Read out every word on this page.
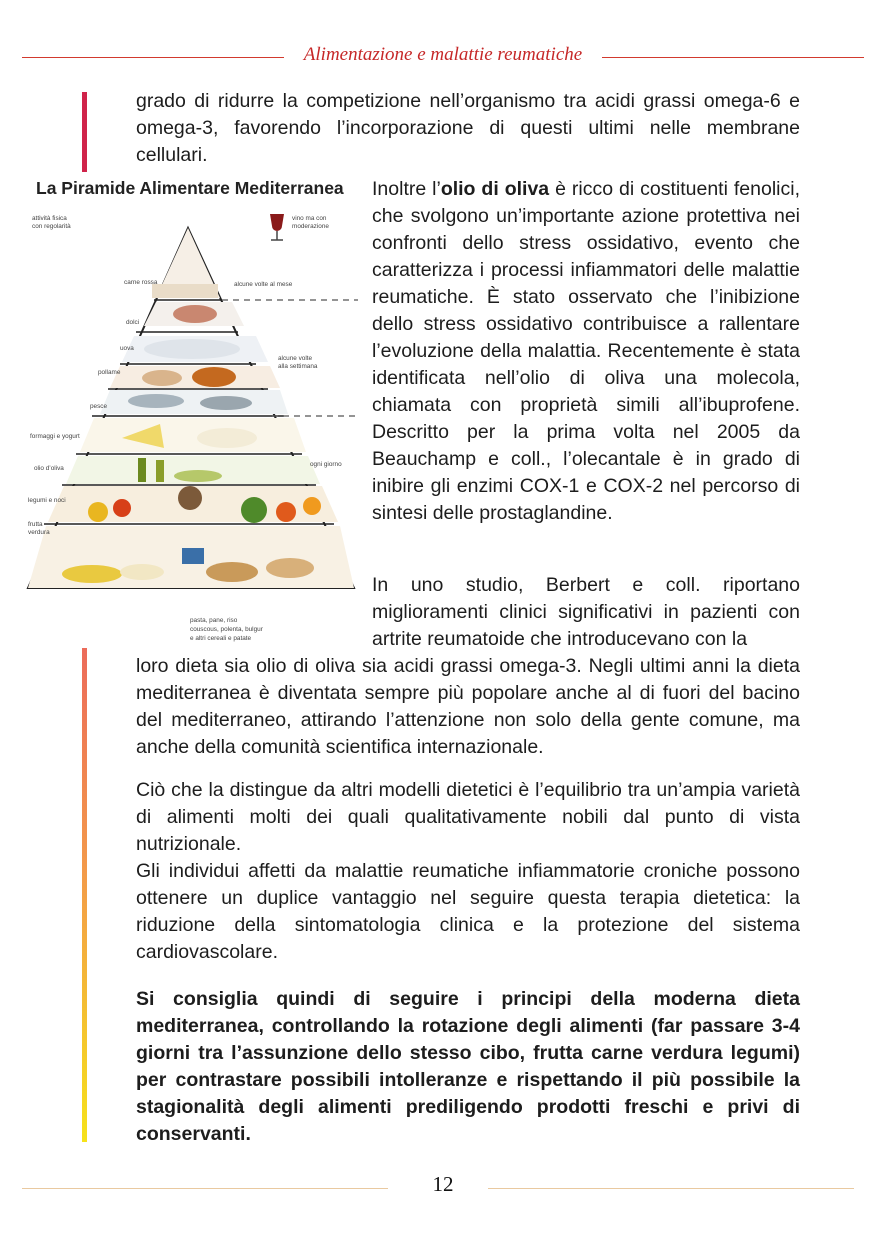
Alimentazione e malattie reumatiche

grado di ridurre la competizione nell’organismo tra acidi grassi omega-6 e omega-3, favorendo l’incorporazione di questi ultimi nelle membrane cellulari.

La Piramide Alimentare Mediterranea
attività fisica
con regolarità
vino ma con
moderazione
carne rossa	alcune volte al mese
dolci
uova
alcune volte
alla settimana
pollame
pesce
formaggi e yogurt
olio d’oliva
ogni giorno
legumi e noci
frutta
verdura
pasta, pane, riso
couscous, polenta, bulgur
e altri cereali e patate

Inoltre l’olio di oliva è ricco di costituenti fenolici, che svolgono un’importante azione protettiva nei confronti dello stress ossidativo, evento che caratterizza i processi infiammatori delle malattie reumatiche. È stato osservato che l’inibizione dello stress ossidativo contribuisce a rallentare l’evoluzione della malattia. Recentemente è stata identificata nell’olio di oliva una molecola, chiamata con proprietà simili all’ibuprofene. Descritto per la prima volta nel 2005 da Beauchamp e coll., l’olecantale è in grado di inibire gli enzimi COX-1 e COX-2 nel percorso di sintesi delle prostaglandine.

In uno studio, Berbert e coll. riportano miglioramenti clinici significativi in pazienti con artrite reumatoide che introducevano con la

loro dieta sia olio di oliva sia acidi grassi omega-3. Negli ultimi anni la dieta mediterranea è diventata sempre più popolare anche al di fuori del bacino del mediterraneo, attirando l’attenzione non solo della gente comune, ma anche della comunità scientifica internazionale.

Ciò che la distingue da altri modelli dietetici è l’equilibrio tra un’ampia varietà di alimenti molti dei quali qualitativamente nobili dal punto di vista nutrizionale.

Gli individui affetti da malattie reumatiche infiammatorie croniche possono ottenere un duplice vantaggio nel seguire questa terapia dietetica: la riduzione della sintomatologia clinica e la protezione del sistema cardiovascolare.

Si consiglia quindi di seguire i principi della moderna dieta mediterranea, controllando la rotazione degli alimenti (far passare 3-4 giorni tra l’assunzione dello stesso cibo, frutta carne verdura legumi) per contrastare possibili intolleranze e rispettando il più possibile la stagionalità degli alimenti prediligendo prodotti freschi e privi di conservanti.
12
